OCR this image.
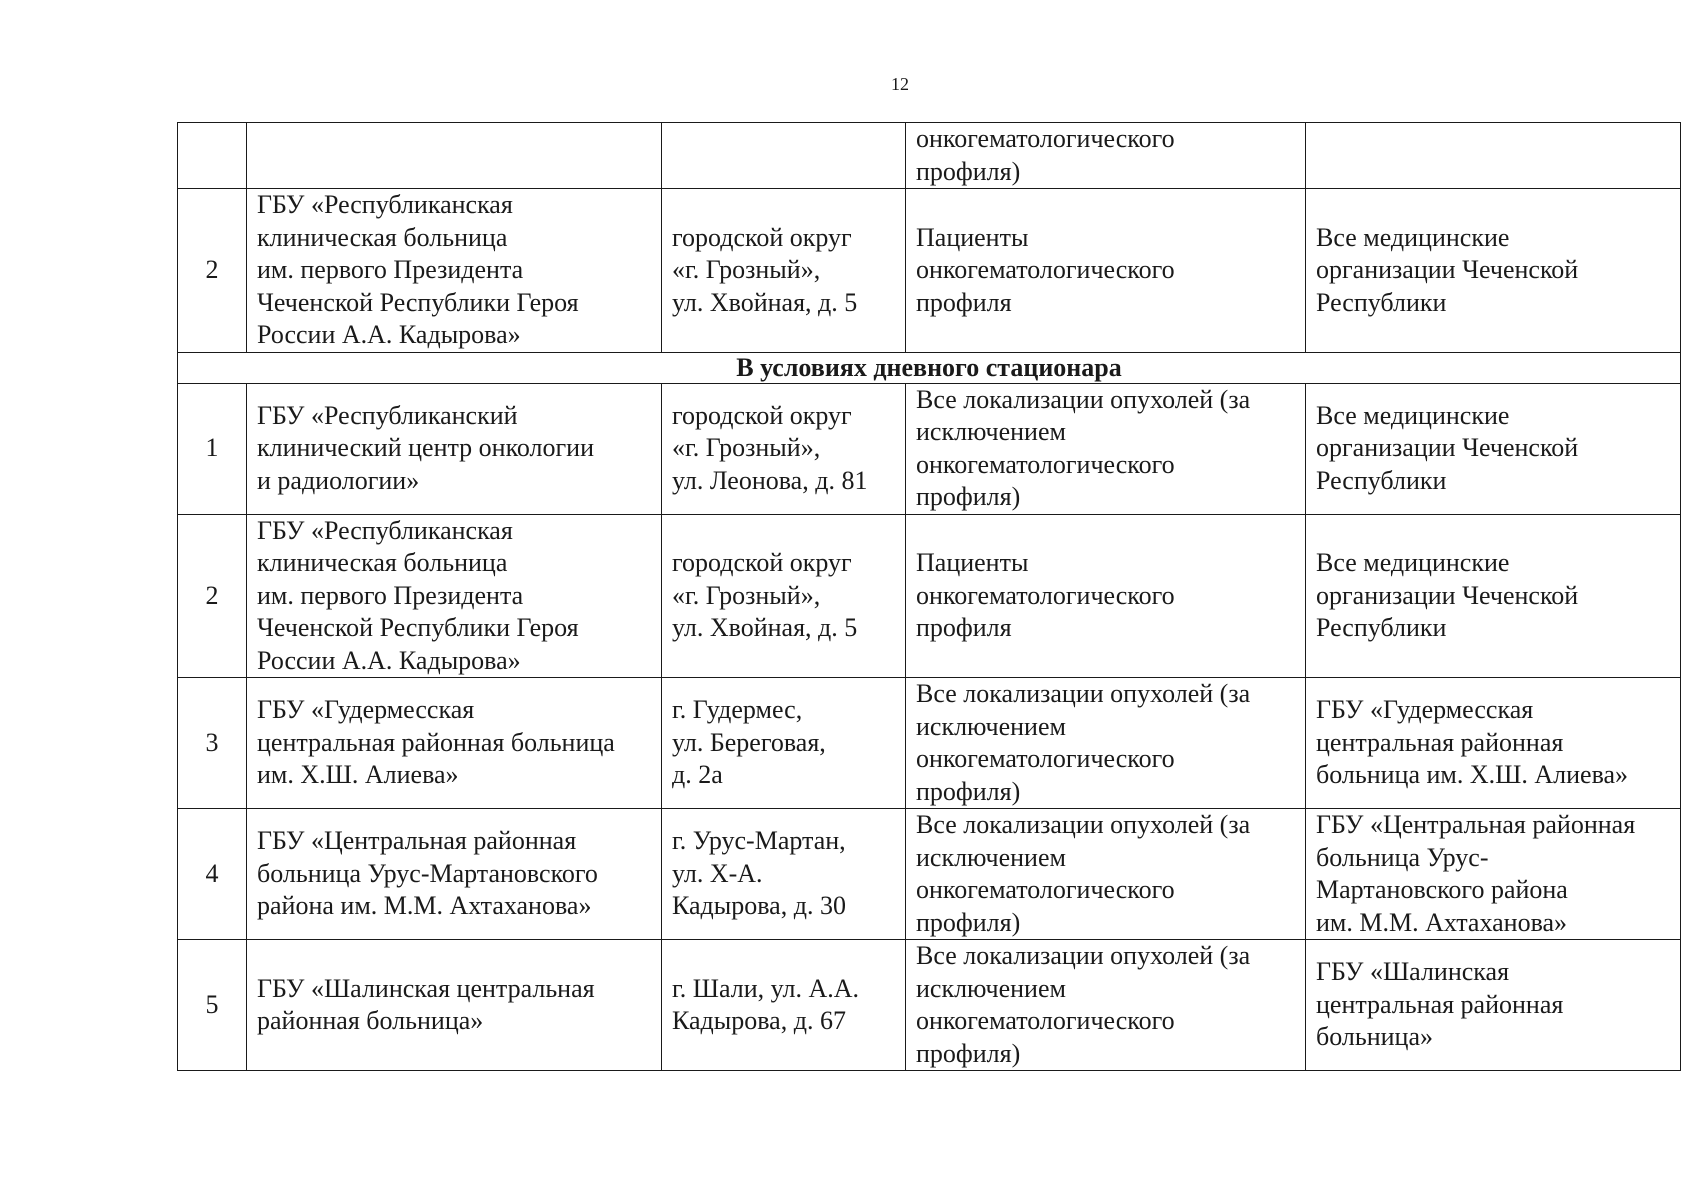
12

			онкогематологического
профиля)	

2	ГБУ «Республиканская
клиническая больница
им. первого Президента
Чеченской Республики Героя
России А.А. Кадырова»	городской округ
«г. Грозный»,
ул. Хвойная, д. 5	Пациенты
онкогематологического
профиля	Все медицинские
организации Чеченской
Республики

В условиях дневного стационара				
1	ГБУ «Республиканский
клинический центр онкологии
и радиологии»	городской округ
«г. Грозный»,
ул. Леонова, д. 81	Все локализации опухолей (за
исключением
онкогематологического
профиля)	Все медицинские
организации Чеченской
Республики

2	ГБУ «Республиканская
клиническая больница
им. первого Президента
Чеченской Республики Героя
России А.А. Кадырова»	городской округ
«г. Грозный»,
ул. Хвойная, д. 5	Пациенты
онкогематологического
профиля	Все медицинские
организации Чеченской
Республики

3	ГБУ «Гудермесская
центральная районная больница
им. Х.Ш. Алиева»	г. Гудермес,
ул. Береговая,
д. 2а	Все локализации опухолей (за
исключением
онкогематологического
профиля)	ГБУ «Гудермесская
центральная районная
больница им. Х.Ш. Алиева»

4	ГБУ «Центральная районная
больница Урус-Мартановского
района им. М.М. Ахтаханова»	г. Урус-Мартан,
ул. Х-А.
Кадырова, д. 30	Все локализации опухолей (за
исключением
онкогематологического
профиля)	ГБУ «Центральная районная
больница Урус-
Мартановского района
им. М.М. Ахтаханова»

5	ГБУ «Шалинская центральная
районная больница»	г. Шали, ул. А.А.
Кадырова, д. 67	Все локализации опухолей (за
исключением
онкогематологического
профиля)	ГБУ «Шалинская
центральная районная
больница»
